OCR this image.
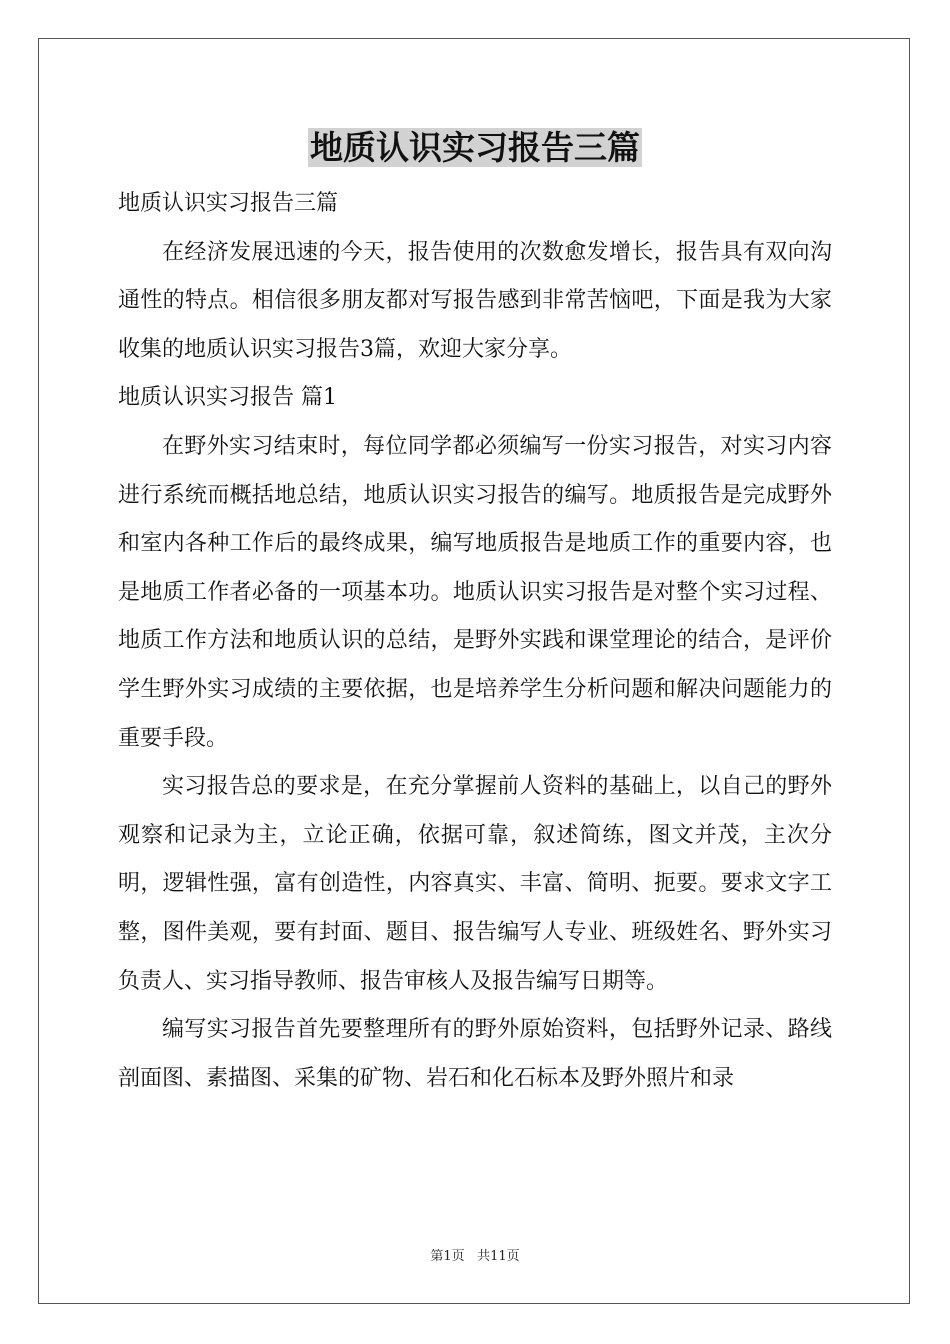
地质认识实习报告三篇

地质认识实习报告三篇

在经济发展迅速的今天，报告使用的次数愈发增长，报告具有双向沟通性的特点。相信很多朋友都对写报告感到非常苦恼吧，下面是我为大家收集的地质认识实习报告3篇，欢迎大家分享。

地质认识实习报告 篇1

在野外实习结束时，每位同学都必须编写一份实习报告，对实习内容进行系统而概括地总结，地质认识实习报告的编写。地质报告是完成野外和室内各种工作后的最终成果，编写地质报告是地质工作的重要内容，也是地质工作者必备的一项基本功。地质认识实习报告是对整个实习过程、地质工作方法和地质认识的总结，是野外实践和课堂理论的结合，是评价学生野外实习成绩的主要依据，也是培养学生分析问题和解决问题能力的重要手段。

实习报告总的要求是，在充分掌握前人资料的基础上，以自己的野外观察和记录为主，立论正确，依据可靠，叙述简练，图文并茂，主次分明，逻辑性强，富有创造性，内容真实、丰富、简明、扼要。要求文字工整，图件美观，要有封面、题目、报告编写人专业、班级姓名、野外实习负责人、实习指导教师、报告审核人及报告编写日期等。

编写实习报告首先要整理所有的野外原始资料，包括野外记录、路线剖面图、素描图、采集的矿物、岩石和化石标本及野外照片和录

第1页 共11页
